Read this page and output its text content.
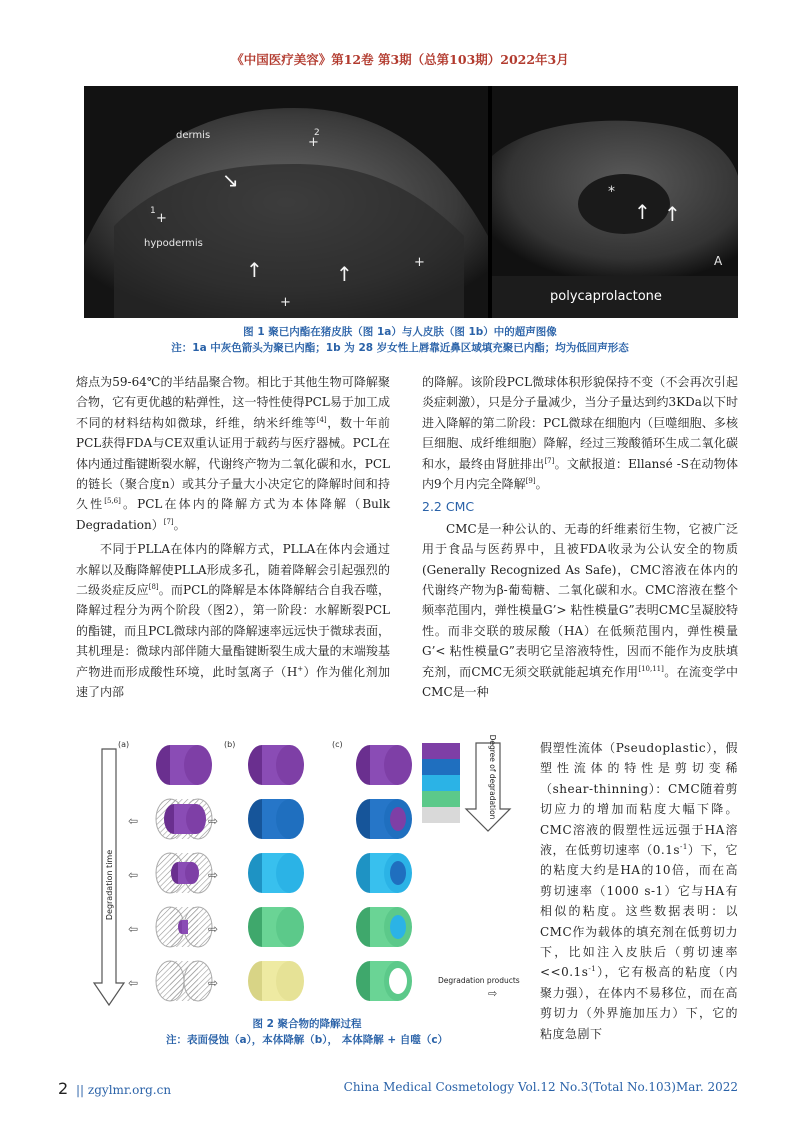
《中国医疗美容》第12卷 第3期（总第103期）2022年3月
dermis
hypodermis
+
2
+
1
+
+
↘
↑	↑
*
↑ ↑
A
polycaprolactone
图 1 聚已内酯在猪皮肤（图 1a）与人皮肤（图 1b）中的超声图像
注：1a 中灰色箭头为聚已内酯；1b 为 28 岁女性上唇靠近鼻区域填充聚已内酯；均为低回声形态

熔点为59-64℃的半结晶聚合物。相比于其他生物可降解聚合物，它有更优越的粘弹性，这一特性使得PCL易于加工成不同的材料结构如微球，纤维，纳米纤维等[4]，数十年前PCL获得FDA与CE双重认证用于载药与医疗器械。PCL在体内通过酯键断裂水解，代谢终产物为二氧化碳和水，PCL的链长（聚合度n）或其分子量大小决定它的降解时间和持久性[5,6]。PCL在体内的降解方式为本体降解（Bulk Degradation）[7]。

不同于PLLA在体内的降解方式，PLLA在体内会通过水解以及酶降解使PLLA形成多孔，随着降解会引起强烈的二级炎症反应[8]。而PCL的降解是本体降解结合自我吞噬，降解过程分为两个阶段（图2），第一阶段：水解断裂PCL的酯键，而且PCL微球内部的降解速率远远快于微球表面，其机理是：微球内部伴随大量酯键断裂生成大量的末端羧基产物进而形成酸性环境，此时氢离子（H+）作为催化剂加速了内部

的降解。该阶段PCL微球体积形貌保持不变（不会再次引起炎症刺激），只是分子量减少，当分子量达到约3KDa以下时进入降解的第二阶段：PCL微球在细胞内（巨噬细胞、多核巨细胞、成纤维细胞）降解，经过三羧酸循环生成二氧化碳和水，最终由肾脏排出[7]。文献报道：Ellansé -S在动物体内9个月内完全降解[9]。

2.2 CMC

CMC是一种公认的、无毒的纤维素衍生物，它被广泛用于食品与医药界中，且被FDA收录为公认安全的物质 (Generally Recognized As Safe)，CMC溶液在体内的代谢终产物为β-葡萄糖、二氧化碳和水。CMC溶液在整个频率范围内，弹性模量G’> 粘性模量G”表明CMC呈凝胶特性。而非交联的玻尿酸（HA）在低频范围内，弹性模量G’< 粘性模量G”表明它呈溶液特性，因而不能作为皮肤填充剂，而CMC无须交联就能起填充作用[10,11]。在流变学中CMC是一种

假塑性流体（Pseudoplastic），假塑性流体的特性是剪切变稀（shear-thinning）：CMC随着剪切应力的增加而粘度大幅下降。CMC溶液的假塑性远远强于HA溶液，在低剪切速率$(0.1s^{-1})$下，它的粘度大约是HA的10倍，而在高剪切速率（1000 s-1）它与HA有相似的粘度。这些数据表明：以CMC作为载体的填充剂在低剪切力下，比如注入皮肤后（剪切速率$<<0.1s^{-1}$），它有极高的粘度（内聚力强），在体内不易移位，而在高剪切力（外界施加压力）下，它的粘度急剧下

(a)	(b)	(c)
Degradation time
⇦	⇨
⇦	⇨
⇦	⇨
⇦	⇨
Degree of degradation
Degradation products
⇨
图 2 聚合物的降解过程
注：表面侵蚀（a），本体降解（b）， 本体降解 + 自噬（c）
2 || zgylmr.org.cn	China Medical Cosmetology Vol.12 No.3(Total No.103)Mar. 2022
